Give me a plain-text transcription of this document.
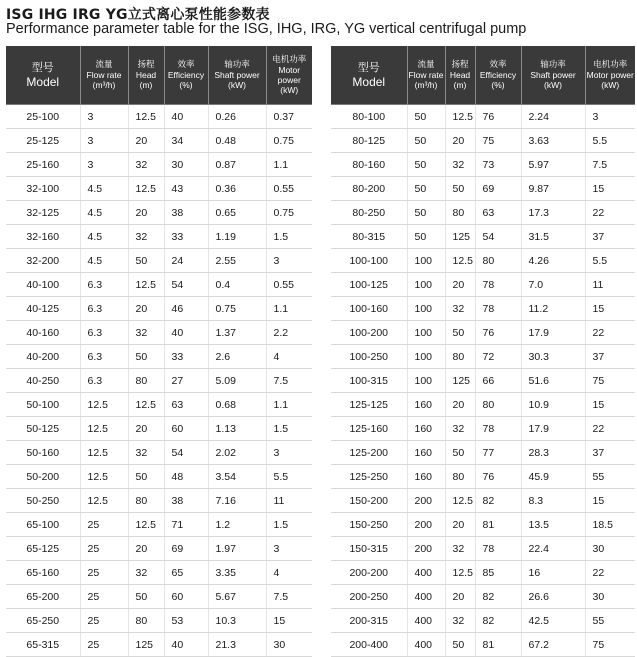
ISG IHG IRG YG立式离心泵性能参数表
Performance parameter table for the ISG, IHG, IRG, YG vertical centrifugal pump
型号
Model	流量
Flow rate
(m³/h)	扬程
Head
(m)	效率
Efficiency
(%)	轴功率
Shaft power
(kW)	电机功率
Motor power
(kW)

25-100	3	12.5	40	0.26	0.37
25-125	3	20	34	0.48	0.75
25-160	3	32	30	0.87	1.1
32-100	4.5	12.5	43	0.36	0.55
32-125	4.5	20	38	0.65	0.75
32-160	4.5	32	33	1.19	1.5
32-200	4.5	50	24	2.55	3
40-100	6.3	12.5	54	0.4	0.55
40-125	6.3	20	46	0.75	1.1
40-160	6.3	32	40	1.37	2.2
40-200	6.3	50	33	2.6	4
40-250	6.3	80	27	5.09	7.5
50-100	12.5	12.5	63	0.68	1.1
50-125	12.5	20	60	1.13	1.5
50-160	12.5	32	54	2.02	3
50-200	12.5	50	48	3.54	5.5
50-250	12.5	80	38	7.16	11
65-100	25	12.5	71	1.2	1.5
65-125	25	20	69	1.97	3
65-160	25	32	65	3.35	4
65-200	25	50	60	5.67	7.5
65-250	25	80	53	10.3	15
65-315	25	125	40	21.3	30
型号
Model	流量
Flow rate
(m³/h)	扬程
Head
(m)	效率
Efficiency
(%)	轴功率
Shaft power
(kW)	电机功率
Motor power
(kW)

80-100	50	12.5	76	2.24	3
80-125	50	20	75	3.63	5.5
80-160	50	32	73	5.97	7.5
80-200	50	50	69	9.87	15
80-250	50	80	63	17.3	22
80-315	50	125	54	31.5	37
100-100	100	12.5	80	4.26	5.5
100-125	100	20	78	7.0	11
100-160	100	32	78	11.2	15
100-200	100	50	76	17.9	22
100-250	100	80	72	30.3	37
100-315	100	125	66	51.6	75
125-125	160	20	80	10.9	15
125-160	160	32	78	17.9	22
125-200	160	50	77	28.3	37
125-250	160	80	76	45.9	55
150-200	200	12.5	82	8.3	15
150-250	200	20	81	13.5	18.5
150-315	200	32	78	22.4	30
200-200	400	12.5	85	16	22
200-250	400	20	82	26.6	30
200-315	400	32	82	42.5	55
200-400	400	50	81	67.2	75
